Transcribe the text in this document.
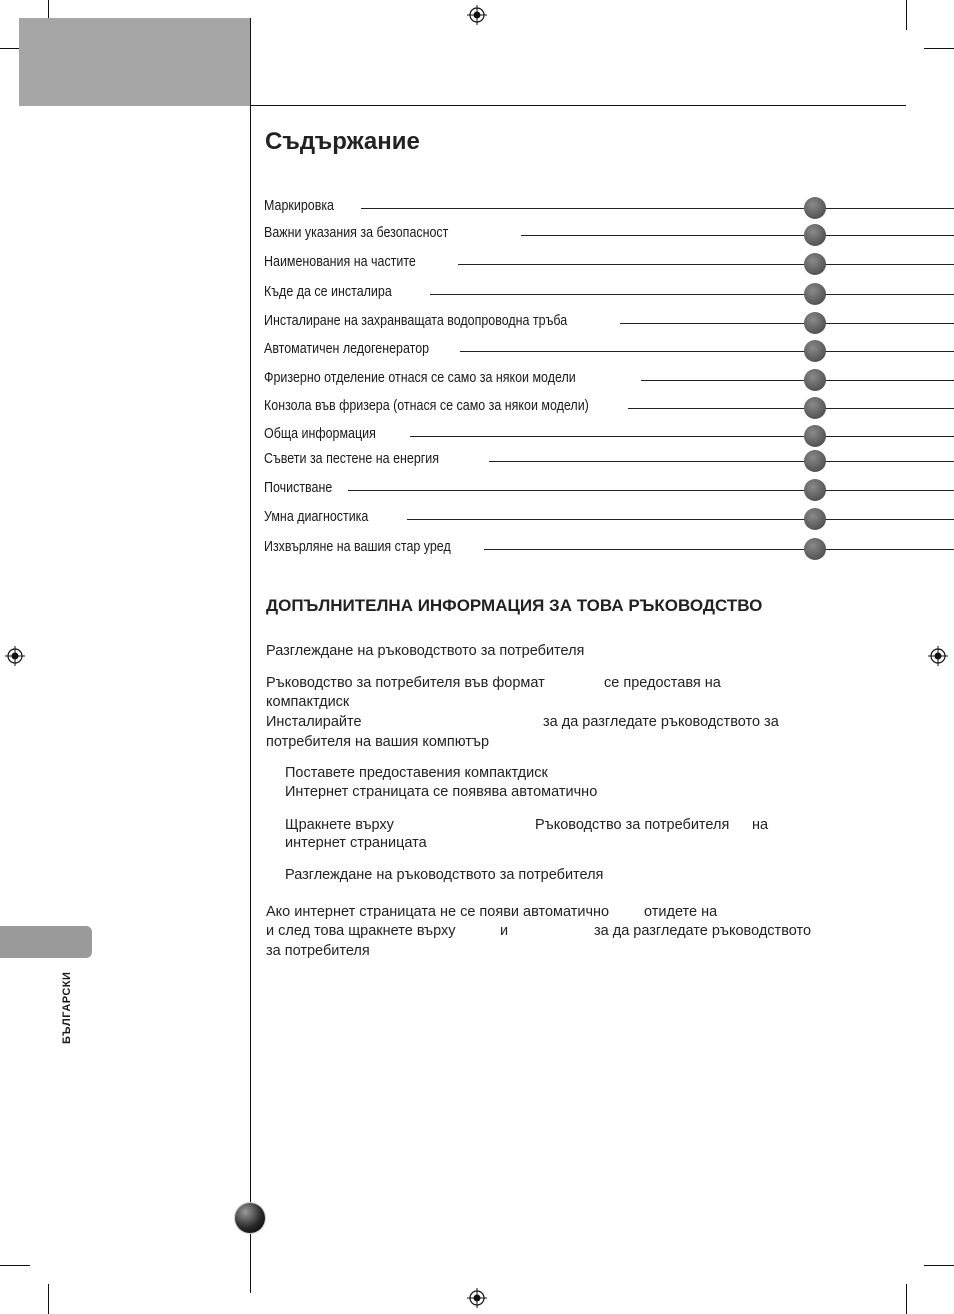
Съдържание
Маркировка
Важни указания за безопасност
Наименования на частите
Къде да се инсталира
Инсталиране на захранващата водопроводна тръба
Автоматичен ледогенератор
Фризерно отделение отнася се само за някои модели
Конзола във фризера (отнася се само за някои модели)
Обща информация
Съвети за пестене на енергия
Почистване
Умна диагностика
Изхвърляне на вашия стар уред
ДОПЪЛНИТЕЛНА ИНФОРМАЦИЯ ЗА ТОВА РЪКОВОДСТВО
Разглеждане на ръководството за потребителя
Ръководство за потребителя във формат	се предоставя на
компактдиск
Инсталирайте	за да разгледате ръководството за
потребителя на вашия компютър
Поставете предоставения компактдиск
Интернет страницата се появява автоматично
Щракнете върху	Ръководство за потребителя на
интернет страницата
Разглеждане на ръководството за потребителя
Ако интернет страницата не се появи автоматично отидете на
и след това щракнете върху	и	за да разгледате ръководството
за потребителя
БЪЛГАРСКИ
